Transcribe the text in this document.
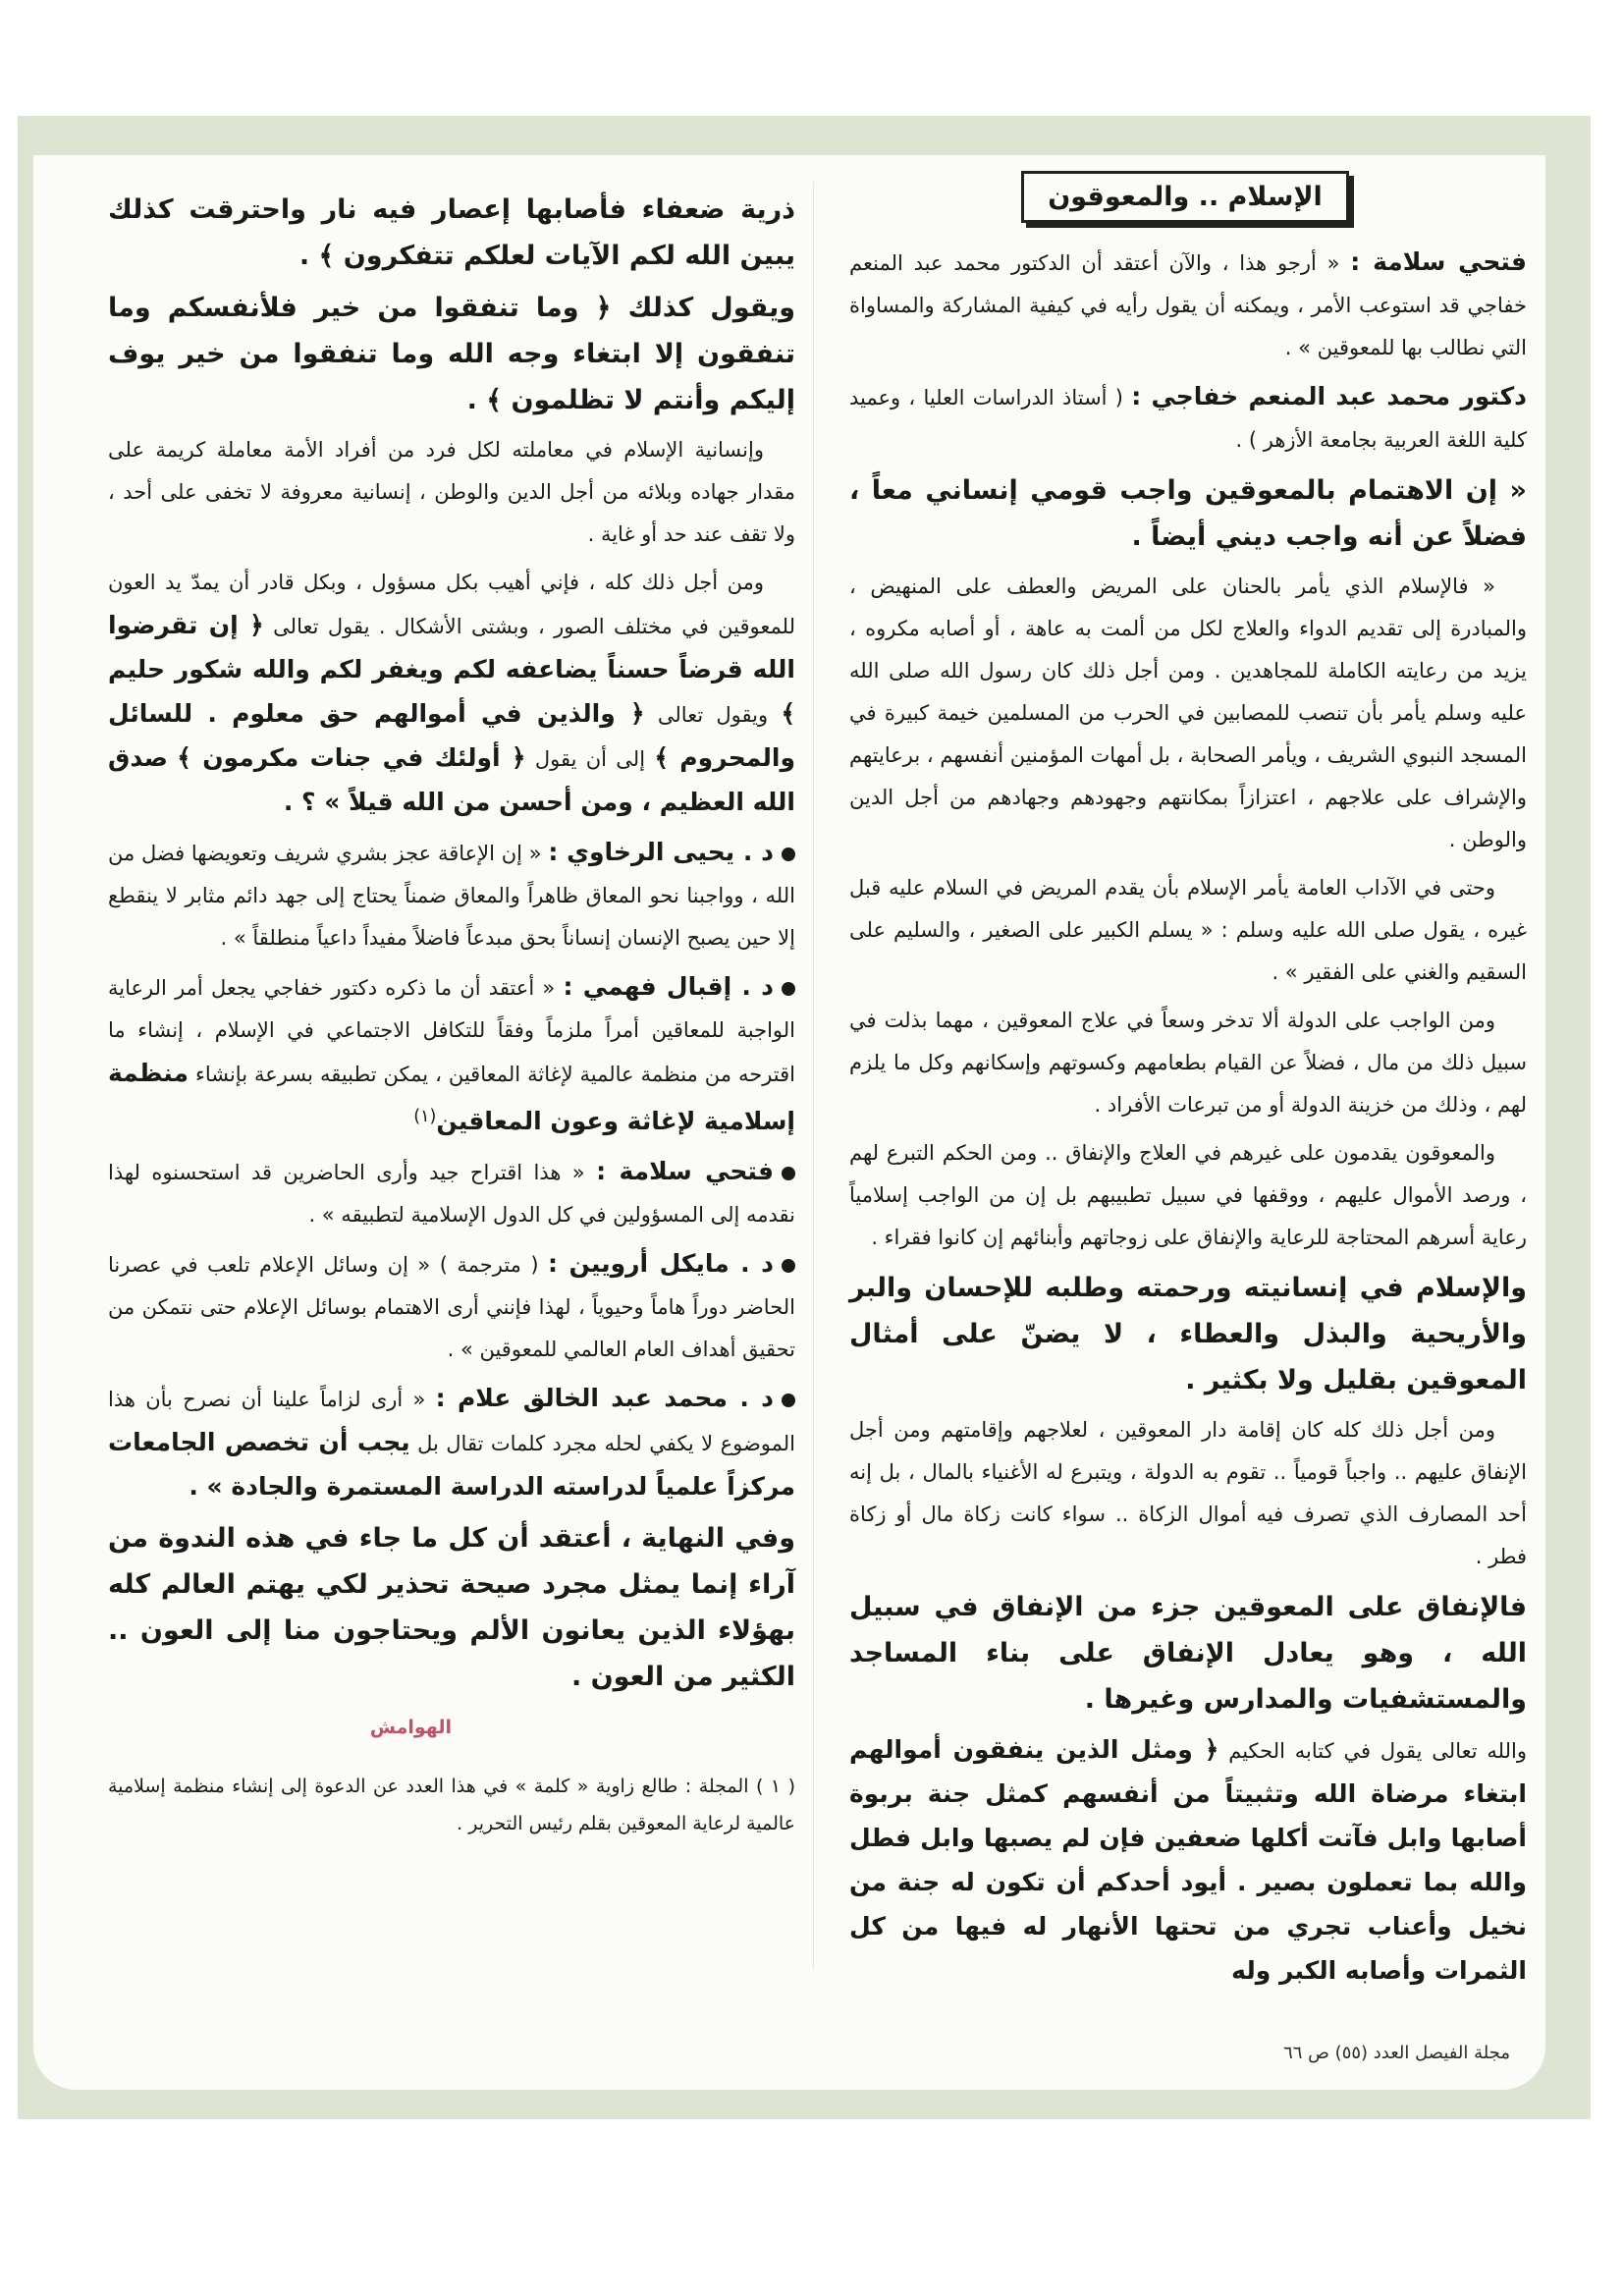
الإسلام .. والمعوقون

فتحي سلامة : « أرجو هذا ، والآن أعتقد أن الدكتور محمد عبد المنعم خفاجي قد استوعب الأمر ، ويمكنه أن يقول رأيه في كيفية المشاركة والمساواة التي نطالب بها للمعوقين » .

دكتور محمد عبد المنعم خفاجي : ( أستاذ الدراسات العليا ، وعميد كلية اللغة العربية بجامعة الأزهر ) .

« إن الاهتمام بالمعوقين واجب قومي إنساني معاً ، فضلاً عن أنه واجب ديني أيضاً .

« فالإسلام الذي يأمر بالحنان على المريض والعطف على المنهيض ، والمبادرة إلى تقديم الدواء والعلاج لكل من ألمت به عاهة ، أو أصابه مكروه ، يزيد من رعايته الكاملة للمجاهدين . ومن أجل ذلك كان رسول الله صلى الله عليه وسلم يأمر بأن تنصب للمصابين في الحرب من المسلمين خيمة كبيرة في المسجد النبوي الشريف ، ويأمر الصحابة ، بل أمهات المؤمنين أنفسهم ، برعايتهم والإشراف على علاجهم ، اعتزازاً بمكانتهم وجهودهم وجهادهم من أجل الدين والوطن .

وحتى في الآداب العامة يأمر الإسلام بأن يقدم المريض في السلام عليه قبل غيره ، يقول صلى الله عليه وسلم : « يسلم الكبير على الصغير ، والسليم على السقيم والغني على الفقير » .

ومن الواجب على الدولة ألا تدخر وسعاً في علاج المعوقين ، مهما بذلت في سبيل ذلك من مال ، فضلاً عن القيام بطعامهم وكسوتهم وإسكانهم وكل ما يلزم لهم ، وذلك من خزينة الدولة أو من تبرعات الأفراد .

والمعوقون يقدمون على غيرهم في العلاج والإنفاق .. ومن الحكم التبرع لهم ، ورصد الأموال عليهم ، ووقفها في سبيل تطبيبهم بل إن من الواجب إسلامياً رعاية أسرهم المحتاجة للرعاية والإنفاق على زوجاتهم وأبنائهم إن كانوا فقراء .

والإسلام في إنسانيته ورحمته وطلبه للإحسان والبر والأريحية والبذل والعطاء ، لا يضنّ على أمثال المعوقين بقليل ولا بكثير .

ومن أجل ذلك كله كان إقامة دار المعوقين ، لعلاجهم وإقامتهم ومن أجل الإنفاق عليهم .. واجباً قومياً .. تقوم به الدولة ، ويتبرع له الأغنياء بالمال ، بل إنه أحد المصارف الذي تصرف فيه أموال الزكاة .. سواء كانت زكاة مال أو زكاة فطر .

فالإنفاق على المعوقين جزء من الإنفاق في سبيل الله ، وهو يعادل الإنفاق على بناء المساجد والمستشفيات والمدارس وغيرها .

والله تعالى يقول في كتابه الحكيم ﴿ ومثل الذين ينفقون أموالهم ابتغاء مرضاة الله وتثبيتاً من أنفسهم كمثل جنة بربوة أصابها وابل فآتت أكلها ضعفين فإن لم يصبها وابل فطل والله بما تعملون بصير . أيود أحدكم أن تكون له جنة من نخيل وأعناب تجري من تحتها الأنهار له فيها من كل الثمرات وأصابه الكبر وله

ذرية ضعفاء فأصابها إعصار فيه نار واحترقت كذلك يبين الله لكم الآيات لعلكم تتفكرون ﴾ .

ويقول كذلك ﴿ وما تنفقوا من خير فلأنفسكم وما تنفقون إلا ابتغاء وجه الله وما تنفقوا من خير يوف إليكم وأنتم لا تظلمون ﴾ .

وإنسانية الإسلام في معاملته لكل فرد من أفراد الأمة معاملة كريمة على مقدار جهاده وبلائه من أجل الدين والوطن ، إنسانية معروفة لا تخفى على أحد ، ولا تقف عند حد أو غاية .

ومن أجل ذلك كله ، فإني أهيب بكل مسؤول ، وبكل قادر أن يمدّ يد العون للمعوقين في مختلف الصور ، وبشتى الأشكال . يقول تعالى ﴿ إن تقرضوا الله قرضاً حسناً يضاعفه لكم ويغفر لكم والله شكور حليم ﴾ ويقول تعالى ﴿ والذين في أموالهم حق معلوم . للسائل والمحروم ﴾ إلى أن يقول ﴿ أولئك في جنات مكرمون ﴾ صدق الله العظيم ، ومن أحسن من الله قيلاً » ؟ .

د . يحيى الرخاوي : « إن الإعاقة عجز بشري شريف وتعويضها فضل من الله ، وواجبنا نحو المعاق ظاهراً والمعاق ضمناً يحتاج إلى جهد دائم مثابر لا ينقطع إلا حين يصبح الإنسان إنساناً بحق مبدعاً فاضلاً مفيداً داعياً منطلقاً » .

د . إقبال فهمي : « أعتقد أن ما ذكره دكتور خفاجي يجعل أمر الرعاية الواجبة للمعاقين أمراً ملزماً وفقاً للتكافل الاجتماعي في الإسلام ، إنشاء ما اقترحه من منظمة عالمية لإغاثة المعاقين ، يمكن تطبيقه بسرعة بإنشاء منظمة إسلامية لإغاثة وعون المعاقين$^{(١)}$

فتحي سلامة : « هذا اقتراح جيد وأرى الحاضرين قد استحسنوه لهذا نقدمه إلى المسؤولين في كل الدول الإسلامية لتطبيقه » .

د . مايكل أرويين : ( مترجمة ) « إن وسائل الإعلام تلعب في عصرنا الحاضر دوراً هاماً وحيوياً ، لهذا فإنني أرى الاهتمام بوسائل الإعلام حتى نتمكن من تحقيق أهداف العام العالمي للمعوقين » .

د . محمد عبد الخالق علام : « أرى لزاماً علينا أن نصرح بأن هذا الموضوع لا يكفي لحله مجرد كلمات تقال بل يجب أن تخصص الجامعات مركزاً علمياً لدراسته الدراسة المستمرة والجادة » .

وفي النهاية ، أعتقد أن كل ما جاء في هذه الندوة من آراء إنما يمثل مجرد صيحة تحذير لكي يهتم العالم كله بهؤلاء الذين يعانون الألم ويحتاجون منا إلى العون .. الكثير من العون .

الهوامش
( ١ ) المجلة : طالع زاوية « كلمة » في هذا العدد عن الدعوة إلى إنشاء منظمة إسلامية عالمية لرعاية المعوقين بقلم رئيس التحرير .
مجلة الفيصل العدد (٥٥) ص ٦٦
